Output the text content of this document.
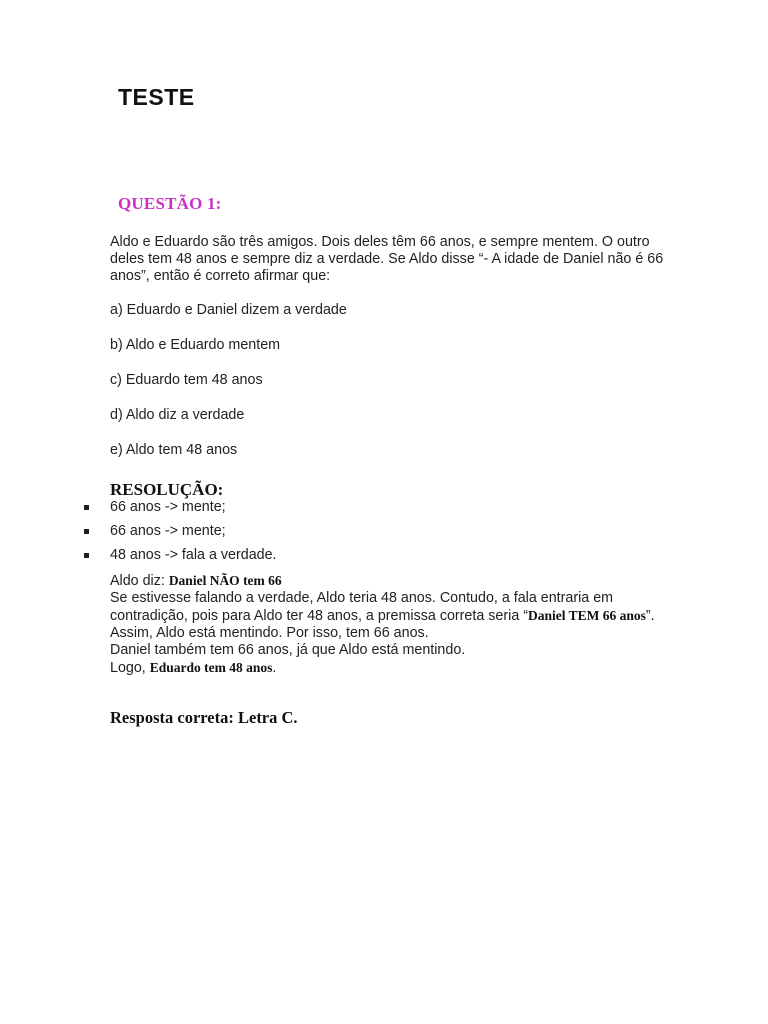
TESTE
QUESTÃO 1:
Aldo e Eduardo são três amigos. Dois deles têm 66 anos, e sempre mentem. O outro deles tem 48 anos e sempre diz a verdade. Se Aldo disse “- A idade de Daniel não é 66 anos”, então é correto afirmar que:
a) Eduardo e Daniel dizem a verdade
b) Aldo e Eduardo mentem
c) Eduardo tem 48 anos
d) Aldo diz a verdade
e) Aldo tem 48 anos
RESOLUÇÃO:
66 anos -> mente;
66 anos -> mente;
48 anos -> fala a verdade.
Aldo diz: Daniel NÃO tem 66
Se estivesse falando a verdade, Aldo teria 48 anos. Contudo, a fala entraria em contradição, pois para Aldo ter 48 anos, a premissa correta seria “Daniel TEM 66 anos”.
Assim, Aldo está mentindo. Por isso, tem 66 anos.
Daniel também tem 66 anos, já que Aldo está mentindo.
Logo, Eduardo tem 48 anos.
Resposta correta: Letra C.
